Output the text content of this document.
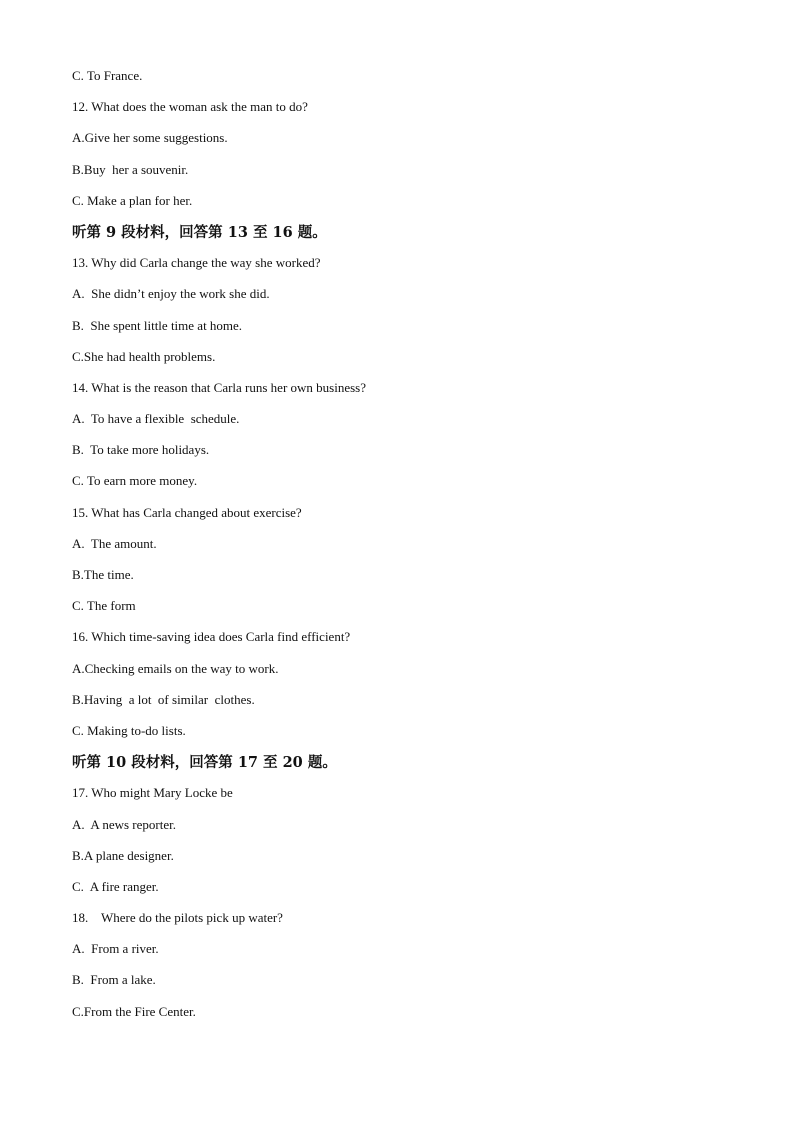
C. To France.
12. What does the woman ask the man to do?
A.Give her some suggestions.
B.Buy  her a souvenir.
C. Make a plan for her.
听第 9 段材料，回答第 13 至 16 题。
13. Why did Carla change the way she worked?
A.  She didn’t enjoy the work she did.
B.  She spent little time at home.
C.She had health problems.
14. What is the reason that Carla runs her own business?
A.  To have a flexible  schedule.
B.  To take more holidays.
C. To earn more money.
15. What has Carla changed about exercise?
A.  The amount.
B.The time.
C. The form
16. Which time-saving idea does Carla find efficient?
A.Checking emails on the way to work.
B.Having  a lot  of similar  clothes.
C. Making to-do lists.
听第 10 段材料，回答第 17 至 20 题。
17. Who might Mary Locke be
A.  A news reporter.
B.A plane designer.
C.  A fire ranger.
18.    Where do the pilots pick up water?
A.  From a river.
B.  From a lake.
C.From the Fire Center.
